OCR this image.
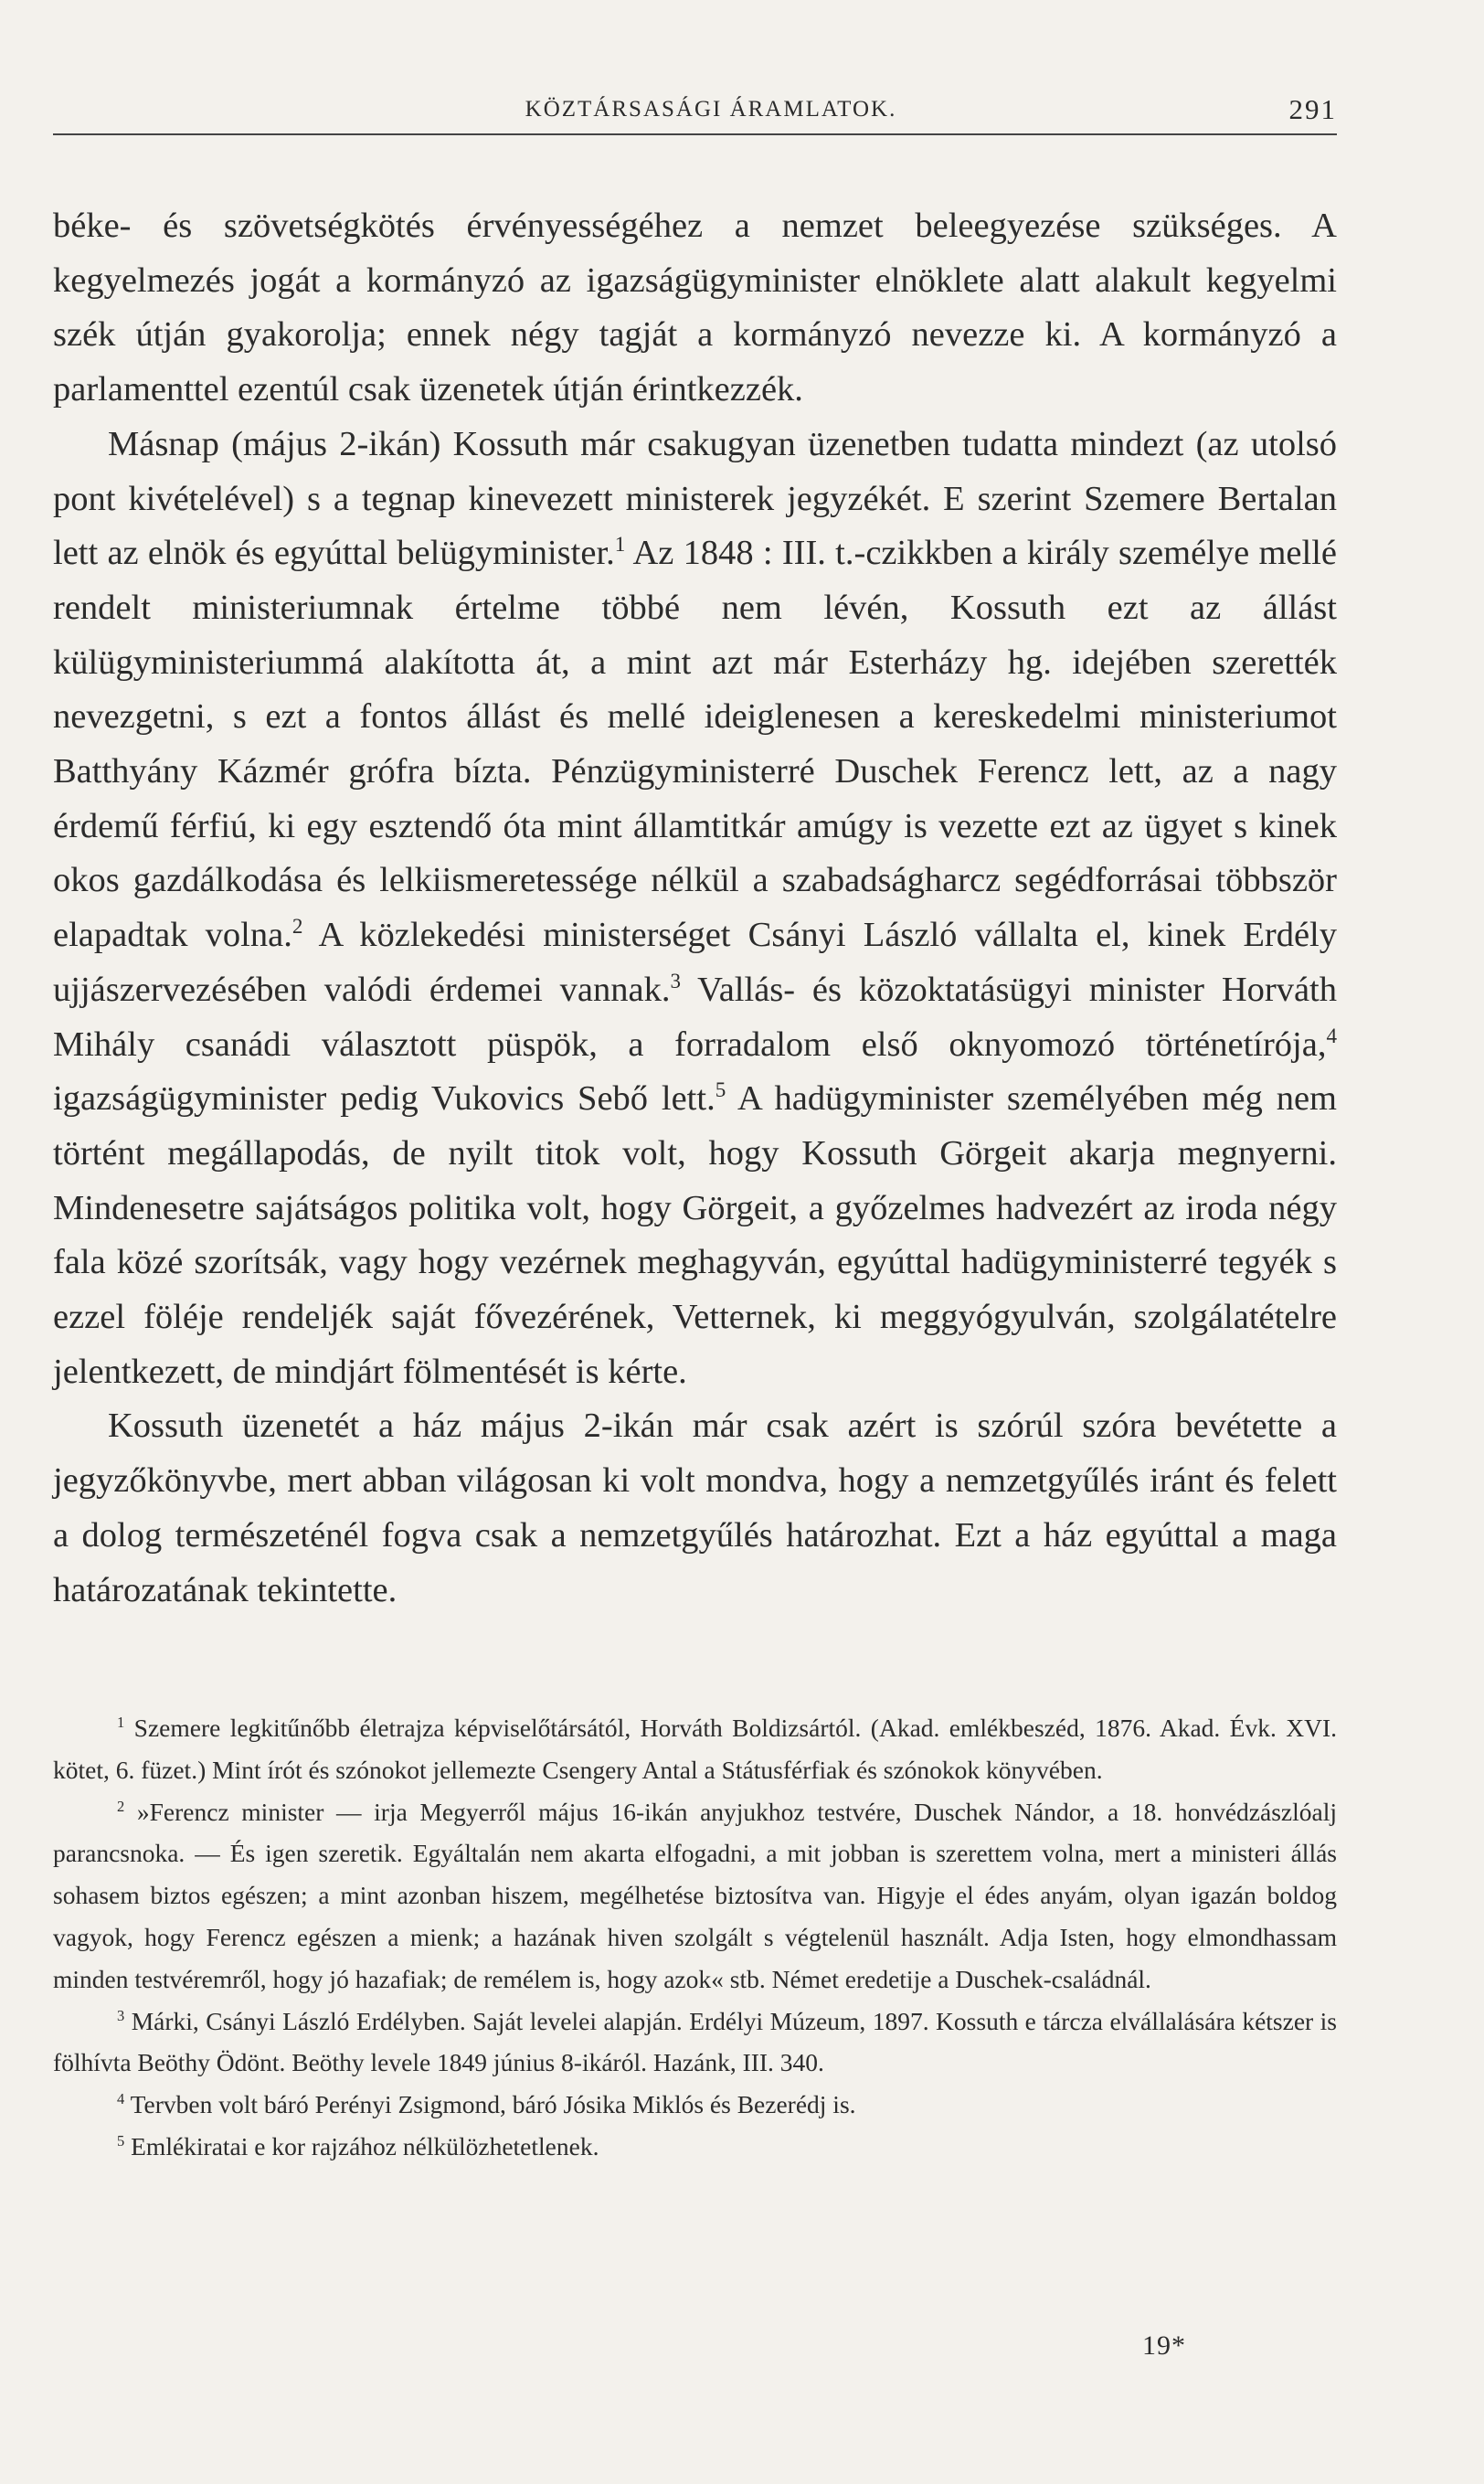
KÖZTÁRSASÁGI ÁRAMLATOK.	291

béke- és szövetségkötés érvényességéhez a nemzet beleegyezése szükséges. A kegyelmezés jogát a kormányzó az igazságügyminister elnöklete alatt alakult kegyelmi szék útján gyakorolja; ennek négy tagját a kormányzó nevezze ki. A kormányzó a parlamenttel ezentúl csak üzenetek útján érintkezzék.

Másnap (május 2-ikán) Kossuth már csakugyan üzenetben tudatta mindezt (az utolsó pont kivételével) s a tegnap kinevezett ministerek jegyzékét. E szerint Szemere Bertalan lett az elnök és egyúttal belügyminister.$^1$ Az 1848 : III. t.-czikkben a király személye mellé rendelt ministeriumnak értelme többé nem lévén, Kossuth ezt az állást külügyministeriummá alakította át, a mint azt már Esterházy hg. idejében szerették nevezgetni, s ezt a fontos állást és mellé ideiglenesen a kereskedelmi ministeriumot Batthyány Kázmér grófra bízta. Pénzügyministerré Duschek Ferencz lett, az a nagy érdemű férfiú, ki egy esztendő óta mint államtitkár amúgy is vezette ezt az ügyet s kinek okos gazdálkodása és lelkiismeretessége nélkül a szabadságharcz segédforrásai többször elapadtak volna.$^2$ A közlekedési ministerséget Csányi László vállalta el, kinek Erdély ujjászervezésében valódi érdemei vannak.$^3$ Vallás- és közoktatásügyi minister Horváth Mihály csanádi választott püspök, a forradalom első oknyomozó történetírója,$^4$ igazságügyminister pedig Vukovics Sebő lett.$^5$ A hadügyminister személyében még nem történt megállapodás, de nyilt titok volt, hogy Kossuth Görgeit akarja megnyerni. Mindenesetre sajátságos politika volt, hogy Görgeit, a győzelmes hadvezért az iroda négy fala közé szorítsák, vagy hogy vezérnek meghagyván, egyúttal hadügyministerré tegyék s ezzel föléje rendeljék saját fővezérének, Vetternek, ki meggyógyulván, szolgálatételre jelentkezett, de mindjárt fölmentését is kérte.

Kossuth üzenetét a ház május 2-ikán már csak azért is szórúl szóra bevétette a jegyzőkönyvbe, mert abban világosan ki volt mondva, hogy a nemzetgyűlés iránt és felett a dolog természeténél fogva csak a nemzetgyűlés határozhat. Ezt a ház egyúttal a maga határozatának tekintette.

$^1$ Szemere legkitűnőbb életrajza képviselőtársától, Horváth Boldizsártól. (Akad. emlékbeszéd, 1876. Akad. Évk. XVI. kötet, 6. füzet.) Mint írót és szónokot jellemezte Csengery Antal a Státusférfiak és szónokok könyvében.

$^2$ »Ferencz minister — irja Megyerről május 16-ikán anyjukhoz testvére, Duschek Nándor, a 18. honvédzászlóalj parancsnoka. — És igen szeretik. Egyáltalán nem akarta elfogadni, a mit jobban is szerettem volna, mert a ministeri állás sohasem biztos egészen; a mint azonban hiszem, megélhetése biztosítva van. Higyje el édes anyám, olyan igazán boldog vagyok, hogy Ferencz egészen a mienk; a hazának hiven szolgált s végtelenül használt. Adja Isten, hogy elmondhassam minden testvéremről, hogy jó hazafiak; de remélem is, hogy azok« stb. Német eredetije a Duschek-családnál.

$^3$ Márki, Csányi László Erdélyben. Saját levelei alapján. Erdélyi Múzeum, 1897. Kossuth e tárcza elvállalására kétszer is fölhívta Beöthy Ödönt. Beöthy levele 1849 június 8-ikáról. Hazánk, III. 340.

$^4$ Tervben volt báró Perényi Zsigmond, báró Jósika Miklós és Bezerédj is.

$^5$ Emlékiratai e kor rajzához nélkülözhetetlenek.

19*
